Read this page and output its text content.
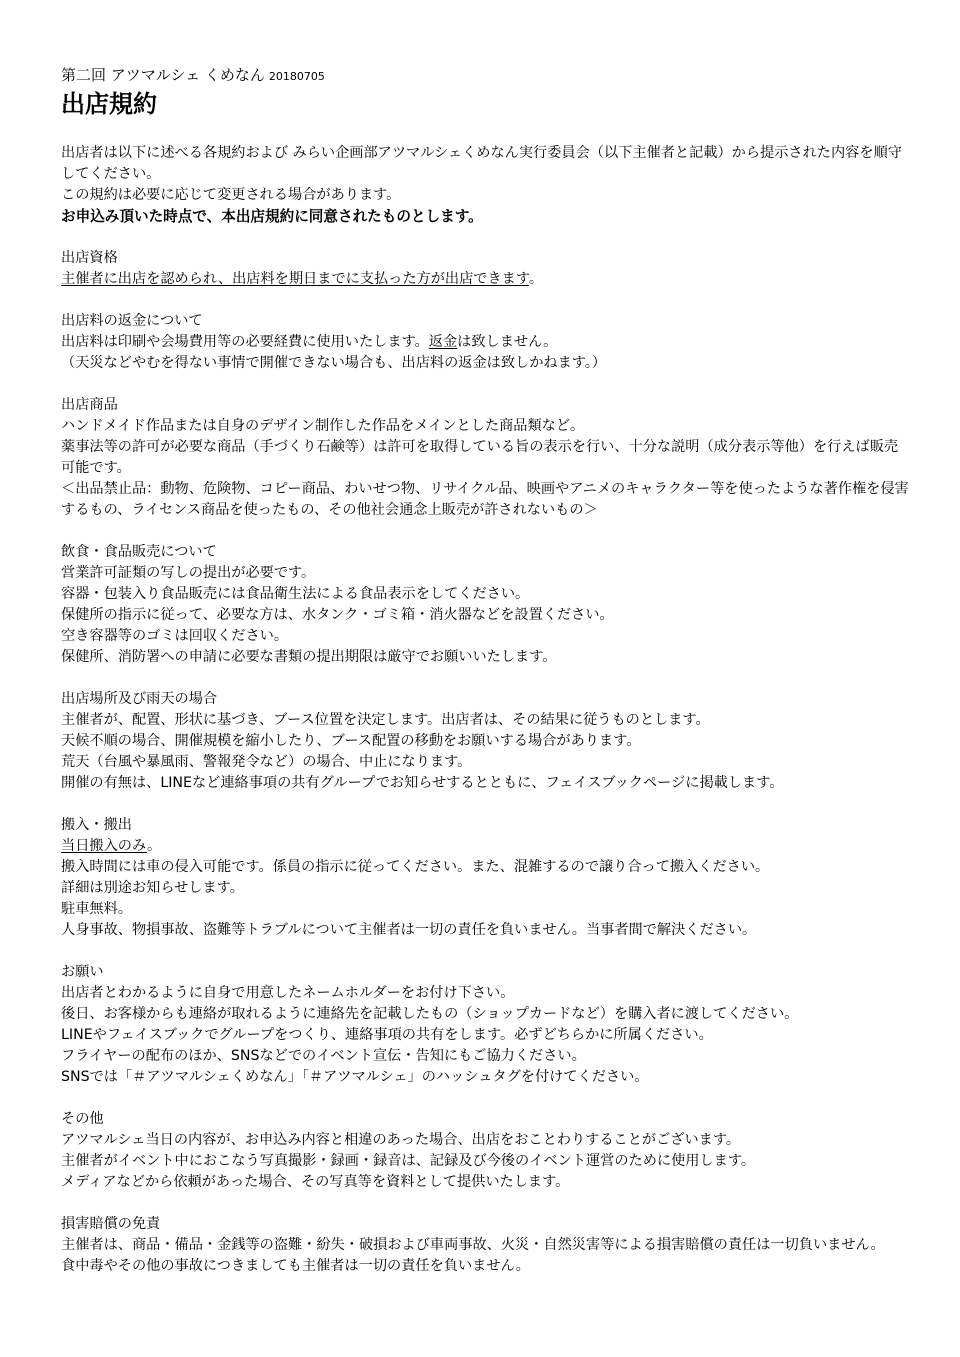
第二回 アツマルシェ くめなん 20180705
出店規約
出店者は以下に述べる各規約および みらい企画部アツマルシェくめなん実行委員会（以下主催者と記載）から提示された内容を順守してください。
この規約は必要に応じて変更される場合があります。
お申込み頂いた時点で、本出店規約に同意されたものとします。
出店資格
主催者に出店を認められ、出店料を期日までに支払った方が出店できます。
出店料の返金について
出店料は印刷や会場費用等の必要経費に使用いたします。返金は致しません。
（天災などやむを得ない事情で開催できない場合も、出店料の返金は致しかねます。）
出店商品
ハンドメイド作品または自身のデザイン制作した作品をメインとした商品類など。
薬事法等の許可が必要な商品（手づくり石鹸等）は許可を取得している旨の表示を行い、十分な説明（成分表示等他）を行えば販売可能です。
＜出品禁止品：動物、危険物、コピー商品、わいせつ物、リサイクル品、映画やアニメのキャラクター等を使ったような著作権を侵害するもの、ライセンス商品を使ったもの、その他社会通念上販売が許されないもの＞
飲食・食品販売について
営業許可証類の写しの提出が必要です。
容器・包装入り食品販売には食品衛生法による食品表示をしてください。
保健所の指示に従って、必要な方は、水タンク・ゴミ箱・消火器などを設置ください。
空き容器等のゴミは回収ください。
保健所、消防署への申請に必要な書類の提出期限は厳守でお願いいたします。
出店場所及び雨天の場合
主催者が、配置、形状に基づき、ブース位置を決定します。出店者は、その結果に従うものとします。
天候不順の場合、開催規模を縮小したり、ブース配置の移動をお願いする場合があります。
荒天（台風や暴風雨、警報発令など）の場合、中止になります。
開催の有無は、LINEなど連絡事項の共有グループでお知らせするとともに、フェイスブックページに掲載します。
搬入・搬出
当日搬入のみ。
搬入時間には車の侵入可能です。係員の指示に従ってください。また、混雑するので譲り合って搬入ください。
詳細は別途お知らせします。
駐車無料。
人身事故、物損事故、盗難等トラブルについて主催者は一切の責任を負いません。当事者間で解決ください。
お願い
出店者とわかるように自身で用意したネームホルダーをお付け下さい。
後日、お客様からも連絡が取れるように連絡先を記載したもの（ショップカードなど）を購入者に渡してください。
LINEやフェイスブックでグループをつくり、連絡事項の共有をします。必ずどちらかに所属ください。
フライヤーの配布のほか、SNSなどでのイベント宣伝・告知にもご協力ください。
SNSでは「＃アツマルシェくめなん」「＃アツマルシェ」のハッシュタグを付けてください。
その他
アツマルシェ当日の内容が、お申込み内容と相違のあった場合、出店をおことわりすることがございます。
主催者がイベント中におこなう写真撮影・録画・録音は、記録及び今後のイベント運営のために使用します。
メディアなどから依頼があった場合、その写真等を資料として提供いたします。
損害賠償の免責
主催者は、商品・備品・金銭等の盗難・紛失・破損および車両事故、火災・自然災害等による損害賠償の責任は一切負いません。
食中毒やその他の事故につきましても主催者は一切の責任を負いません。
